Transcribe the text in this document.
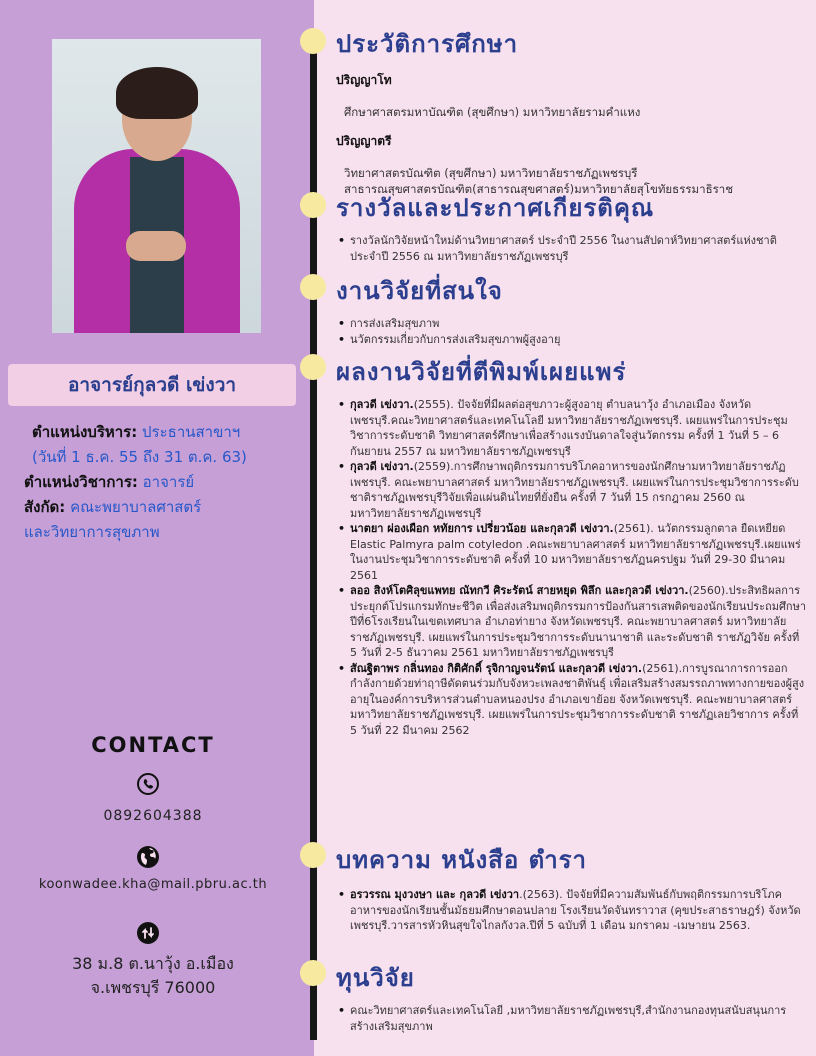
อาจารย์กุลวดี เข่งวา
ตำแหน่งบริหาร: ประธานสาขาฯ
(วันที่ 1 ธ.ค. 55 ถึง 31 ต.ค. 63)
ตำแหน่งวิชาการ: อาจารย์
สังกัด: คณะพยาบาลศาสตร์
และวิทยาการสุขภาพ
CONTACT
0892604388
koonwadee.kha@mail.pbru.ac.th
38 ม.8 ต.นาวุ้ง อ.เมือง
จ.เพชรบุรี 76000
ประวัติการศึกษา
ปริญญาโท
ศึกษาศาสตรมหาบัณฑิต (สุขศึกษา) มหาวิทยาลัยรามคำแหง
ปริญญาตรี
วิทยาศาสตรบัณฑิต (สุขศึกษา) มหาวิทยาลัยราชภัฏเพชรบุรี
สาธารณสุขศาสตรบัณฑิต(สาธารณสุขศาสตร์)มหาวิทยาลัยสุโขทัยธรรมาธิราช
รางวัลและประกาศเกียรติคุณ
• รางวัลนักวิจัยหน้าใหม่ด้านวิทยาศาสตร์ ประจำปี 2556 ในงานสัปดาห์วิทยาศาสตร์แห่งชาติ ประจำปี 2556 ณ มหาวิทยาลัยราชภัฏเพชรบุรี
งานวิจัยที่สนใจ
• การส่งเสริมสุขภาพ
• นวัตกรรมเกี่ยวกับการส่งเสริมสุขภาพผู้สูงอายุ
ผลงานวิจัยที่ตีพิมพ์เผยแพร่
• กุลวดี เข่งวา.(2555). ปัจจัยที่มีผลต่อสุขภาวะผู้สูงอายุ ตำบลนาวุ้ง อำเภอเมือง จังหวัดเพชรบุรี.คณะวิทยาศาสตร์และเทคโนโลยี มหาวิทยาลัยราชภัฏเพชรบุรี. เผยแพร่ในการประชุมวิชาการระดับชาติ วิทยาศาสตร์ศึกษาเพื่อสร้างแรงบันดาลใจสู่นวัตกรรม ครั้งที่ 1 วันที่ 5 – 6 กันยายน 2557 ณ มหาวิทยาลัยราชภัฏเพชรบุรี
• กุลวดี เข่งวา.(2559).การศึกษาพฤติกรรมการบริโภคอาหารของนักศึกษามหาวิทยาลัยราชภัฏเพชรบุรี. คณะพยาบาลศาสตร์ มหาวิทยาลัยราชภัฏเพชรบุรี. เผยแพร่ในการประชุมวิชาการระดับชาติราชภัฏเพชรบุรีวิจัยเพื่อแผ่นดินไทยที่ยั่งยืน ครั้งที่ 7 วันที่ 15 กรกฎาคม 2560 ณ มหาวิทยาลัยราชภัฏเพชรบุรี
• นาตยา ผ่องเผือก หทัยการ เปรี่ยวน้อย และกุลวดี เข่งวา.(2561). นวัตกรรมลูกตาล ยืดเหยียด Elastic Palmyra palm cotyledon .คณะพยาบาลศาสตร์ มหาวิทยาลัยราชภัฏเพชรบุรี.เผยแพร่ในงานประชุมวิชาการระดับชาติ ครั้งที่ 10 มหาวิทยาลัยราชภัฏนครปฐม วันที่ 29-30 มีนาคม 2561
• ลออ สิงห์โตศิลุขแพทย ณัทกวี ศิระรัตน์ สายหยุด พิลึก และกุลวดี เข่งวา.(2560).ประสิทธิผลการประยุกต์โปรแกรมทักษะชีวิต เพื่อส่งเสริมพฤติกรรมการป้องกันสารเสพติดของนักเรียนประถมศึกษาปีที่6โรงเรียนในเขตเทศบาล อำเภอท่ายาง จังหวัดเพชรบุรี. คณะพยาบาลศาสตร์ มหาวิทยาลัยราชภัฏเพชรบุรี. เผยแพร่ในการประชุมวิชาการระดับนานาชาติ และระดับชาติ ราชภัฏวิจัย ครั้งที่ 5 วันที่ 2-5 ธันวาคม 2561 มหาวิทยาลัยราชภัฏเพชรบุรี
• สัณฐิตาพร กลิ่นทอง กิติศักดิ์ รุจิกาญจนรัตน์ และกุลวดี เข่งวา.(2561).การบูรณาการการออกกำลังกายด้วยท่าฤาษีดัดตนร่วมกับจังหวะเพลงชาติพันธุ์ เพื่อเสริมสร้างสมรรถภาพทางกายของผู้สูงอายุในองค์การบริหารส่วนตำบลหนองปรง อำเภอเขาย้อย จังหวัดเพชรบุรี. คณะพยาบาลศาสตร์ มหาวิทยาลัยราชภัฏเพชรบุรี. เผยแพร่ในการประชุมวิชาการระดับชาติ ราชภัฏเลยวิชาการ ครั้งที่ 5 วันที่ 22 มีนาคม 2562
บทความ หนังสือ ตำรา
• อรวรรณ มุงวงษา และ กุลวดี เข่งวา.(2563). ปัจจัยที่มีความสัมพันธ์กับพฤติกรรมการบริโภคอาหารของนักเรียนชั้นมัธยมศึกษาตอนปลาย โรงเรียนวัดจันทราวาส (คุขประสาธราษฎร์) จังหวัดเพชรบุรี.วารสารหัวหินสุขใจไกลกังวล.ปีที่ 5 ฉบับที่ 1 เดือน มกราคม -เมษายน 2563.
ทุนวิจัย
• คณะวิทยาศาสตร์และเทคโนโลยี ,มหาวิทยาลัยราชภัฏเพชรบุรี,สำนักงานกองทุนสนับสนุนการสร้างเสริมสุขภาพ
